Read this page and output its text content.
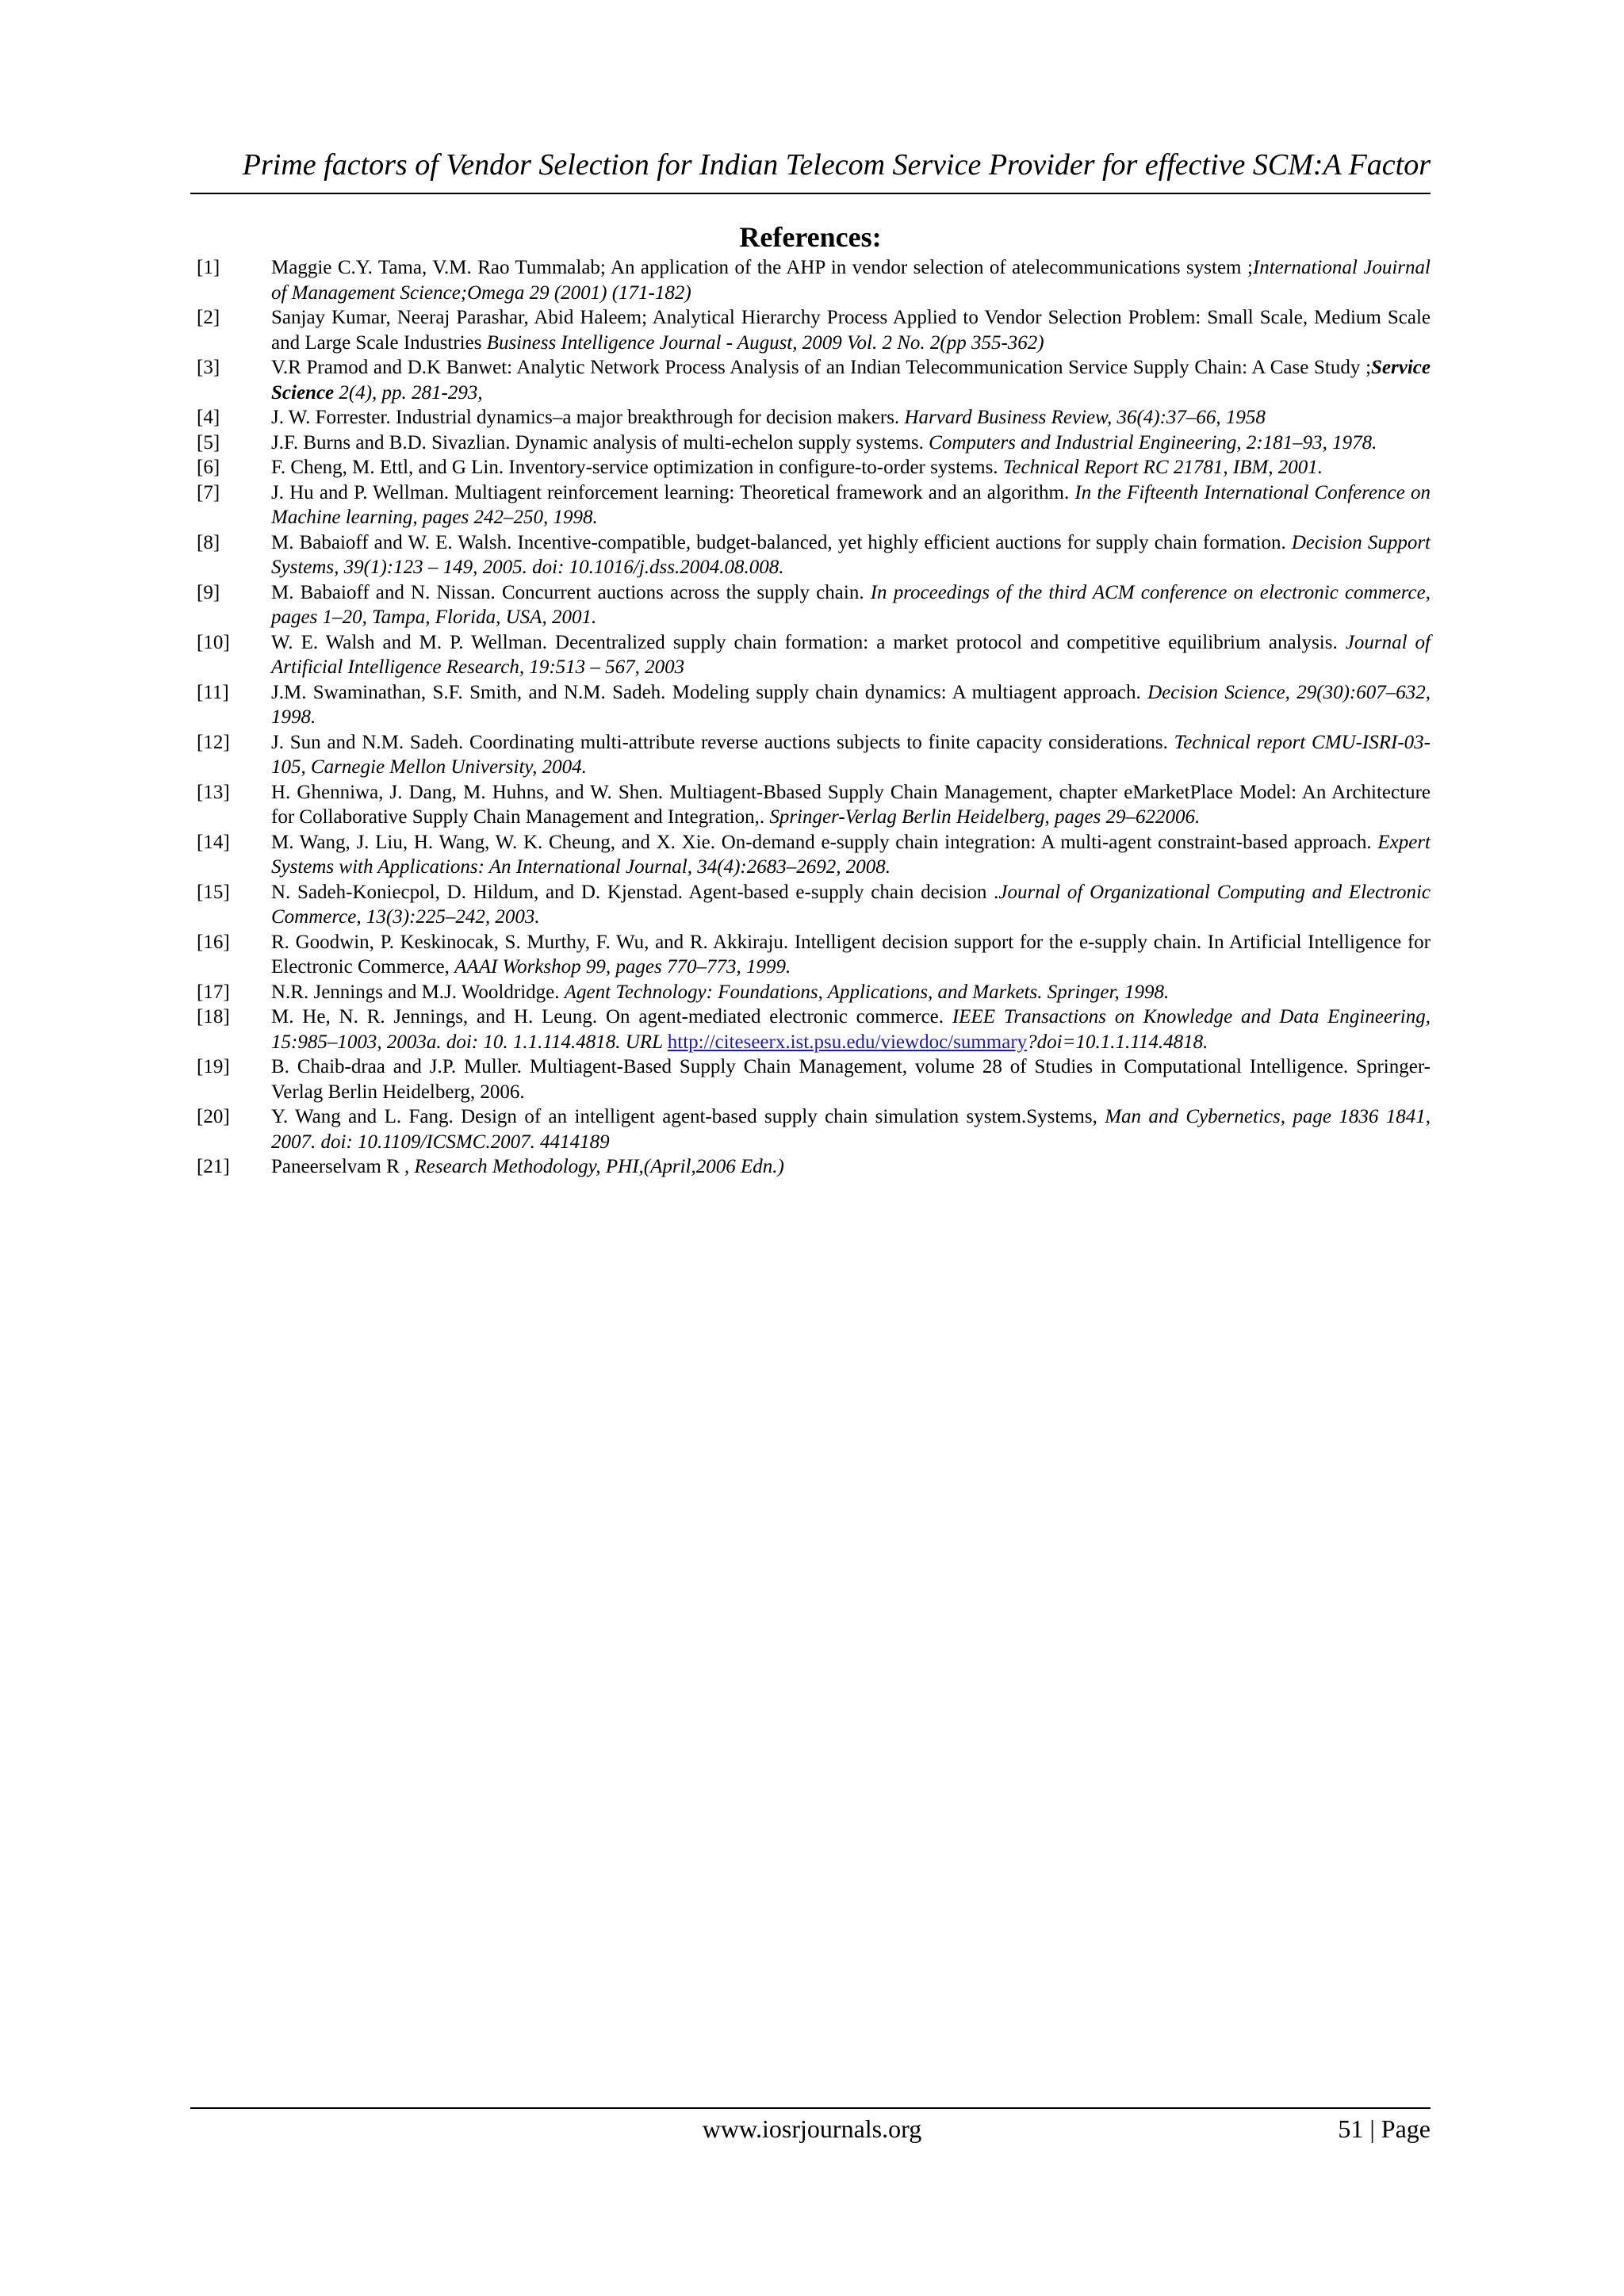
Prime factors of Vendor Selection for Indian Telecom Service Provider for effective SCM:A Factor
References:
[1]	Maggie C.Y. Tama, V.M. Rao Tummalab; An application of the AHP in vendor selection of atelecommunications system ;International Jouirnal of Management Science;Omega 29 (2001) (171-182)
[2]	Sanjay Kumar, Neeraj Parashar, Abid Haleem; Analytical Hierarchy Process Applied to Vendor Selection Problem: Small Scale, Medium Scale and Large Scale Industries Business Intelligence Journal - August, 2009 Vol. 2 No. 2(pp 355-362)
[3]	V.R Pramod and D.K Banwet: Analytic Network Process Analysis of an Indian Telecommunication Service Supply Chain: A Case Study ;Service Science 2(4), pp. 281-293,
[4]	J. W. Forrester. Industrial dynamics–a major breakthrough for decision makers. Harvard Business Review, 36(4):37–66, 1958
[5]	J.F. Burns and B.D. Sivazlian. Dynamic analysis of multi-echelon supply systems. Computers and Industrial Engineering, 2:181–93, 1978.
[6]	F. Cheng, M. Ettl, and G Lin. Inventory-service optimization in configure-to-order systems. Technical Report RC 21781, IBM, 2001.
[7]	J. Hu and P. Wellman. Multiagent reinforcement learning: Theoretical framework and an algorithm. In the Fifteenth International Conference on Machine learning, pages 242–250, 1998.
[8]	M. Babaioff and W. E. Walsh. Incentive-compatible, budget-balanced, yet highly efficient auctions for supply chain formation. Decision Support Systems, 39(1):123 – 149, 2005. doi: 10.1016/j.dss.2004.08.008.
[9]	M. Babaioff and N. Nissan. Concurrent auctions across the supply chain. In proceedings of the third ACM conference on electronic commerce, pages 1–20, Tampa, Florida, USA, 2001.
[10]	W. E. Walsh and M. P. Wellman. Decentralized supply chain formation: a market protocol and competitive equilibrium analysis. Journal of Artificial Intelligence Research, 19:513 – 567, 2003
[11]	J.M. Swaminathan, S.F. Smith, and N.M. Sadeh. Modeling supply chain dynamics: A multiagent approach. Decision Science, 29(30):607–632, 1998.
[12]	J. Sun and N.M. Sadeh. Coordinating multi-attribute reverse auctions subjects to finite capacity considerations. Technical report CMU-ISRI-03-105, Carnegie Mellon University, 2004.
[13]	H. Ghenniwa, J. Dang, M. Huhns, and W. Shen. Multiagent-Bbased Supply Chain Management, chapter eMarketPlace Model: An Architecture for Collaborative Supply Chain Management and Integration,. Springer-Verlag Berlin Heidelberg, pages 29–622006.
[14]	M. Wang, J. Liu, H. Wang, W. K. Cheung, and X. Xie. On-demand e-supply chain integration: A multi-agent constraint-based approach. Expert Systems with Applications: An International Journal, 34(4):2683–2692, 2008.
[15]	N. Sadeh-Koniecpol, D. Hildum, and D. Kjenstad. Agent-based e-supply chain decision .Journal of Organizational Computing and Electronic Commerce, 13(3):225–242, 2003.
[16]	R. Goodwin, P. Keskinocak, S. Murthy, F. Wu, and R. Akkiraju. Intelligent decision support for the e-supply chain. In Artificial Intelligence for Electronic Commerce, AAAI Workshop 99, pages 770–773, 1999.
[17]	N.R. Jennings and M.J. Wooldridge. Agent Technology: Foundations, Applications, and Markets. Springer, 1998.
[18]	M. He, N. R. Jennings, and H. Leung. On agent-mediated electronic commerce. IEEE Transactions on Knowledge and Data Engineering, 15:985–1003, 2003a. doi: 10. 1.1.114.4818. URL http://citeseerx.ist.psu.edu/viewdoc/summary?doi=10.1.1.114.4818.
[19]	B. Chaib-draa and J.P. Muller. Multiagent-Based Supply Chain Management, volume 28 of Studies in Computational Intelligence. Springer-Verlag Berlin Heidelberg, 2006.
[20]	Y. Wang and L. Fang. Design of an intelligent agent-based supply chain simulation system.Systems, Man and Cybernetics, page 1836 1841, 2007. doi: 10.1109/ICSMC.2007. 4414189
[21]	Paneerselvam R , Research Methodology, PHI,(April,2006 Edn.)
www.iosrjournals.org	51 | Page
